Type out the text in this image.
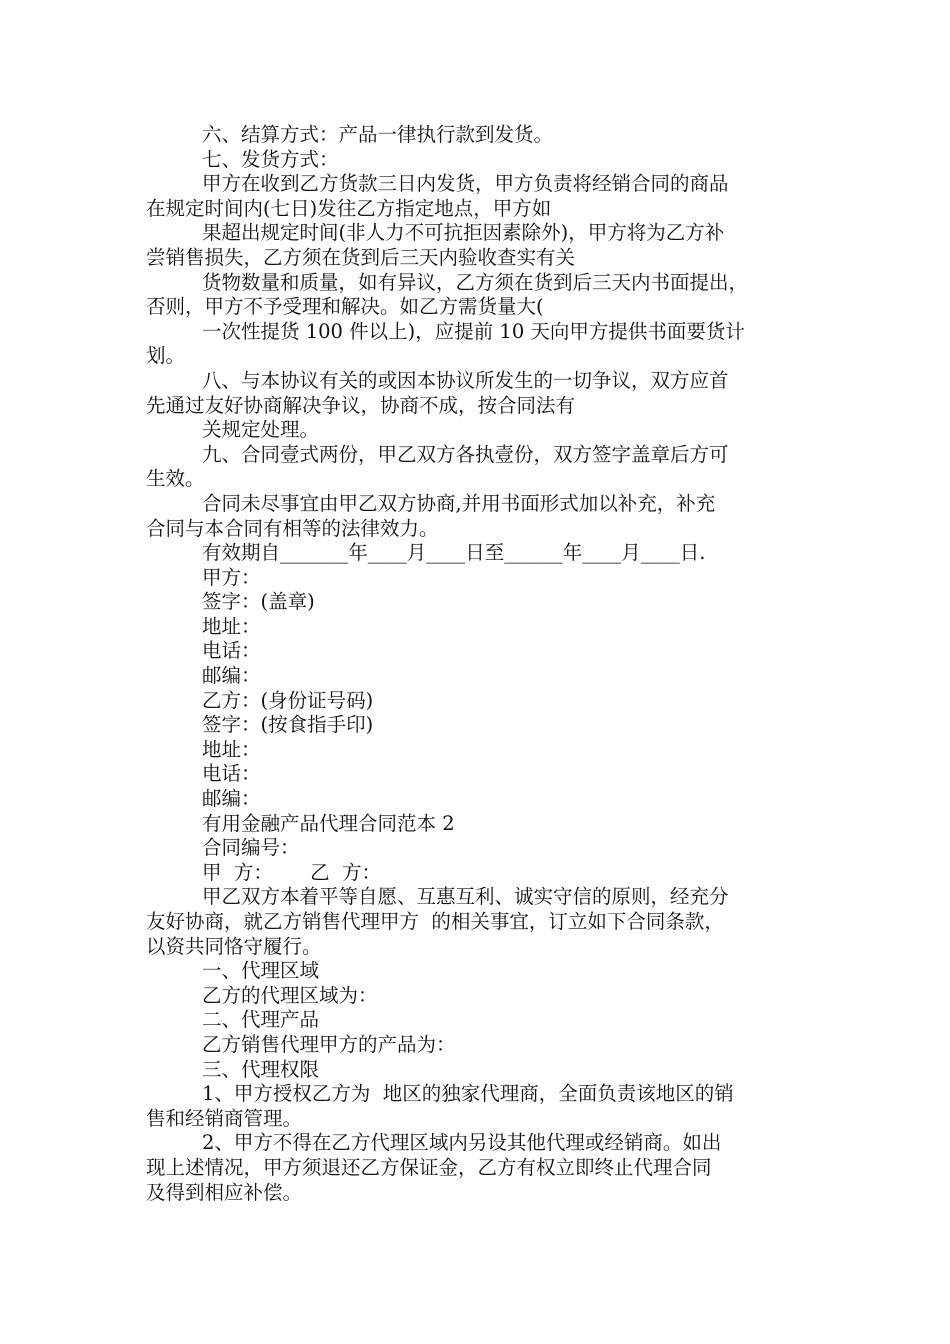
六、结算方式：产品一律执行款到发货。
七、发货方式：
甲方在收到乙方货款三日内发货，甲方负责将经销合同的商品
在规定时间内(七日)发往乙方指定地点，甲方如
果超出规定时间(非人力不可抗拒因素除外)，甲方将为乙方补
尝销售损失，乙方须在货到后三天内验收查实有关
货物数量和质量，如有异议，乙方须在货到后三天内书面提出，
否则，甲方不予受理和解决。如乙方需货量大(
一次性提货 100 件以上)，应提前 10 天向甲方提供书面要货计
划。
八、与本协议有关的或因本协议所发生的一切争议，双方应首
先通过友好协商解决争议，协商不成，按合同法有
关规定处理。
九、合同壹式两份，甲乙双方各执壹份，双方签字盖章后方可
生效。
合同未尽事宜由甲乙双方协商,并用书面形式加以补充，补充
合同与本合同有相等的法律效力。
有效期自_______年____月____日至______年____月____日.
甲方：
签字：(盖章)
地址：
电话：
邮编：
乙方：(身份证号码)
签字：(按食指手印)
地址：
电话：
邮编：
有用金融产品代理合同范本 2
合同编号：
甲  方：      乙  方：
甲乙双方本着平等自愿、互惠互利、诚实守信的原则，经充分
友好协商，就乙方销售代理甲方  的相关事宜，订立如下合同条款，
以资共同恪守履行。
一、代理区域
乙方的代理区域为：
二、代理产品
乙方销售代理甲方的产品为：
三、代理权限
1、甲方授权乙方为  地区的独家代理商，全面负责该地区的销
售和经销商管理。
2、甲方不得在乙方代理区域内另设其他代理或经销商。如出
现上述情况，甲方须退还乙方保证金，乙方有权立即终止代理合同
及得到相应补偿。
